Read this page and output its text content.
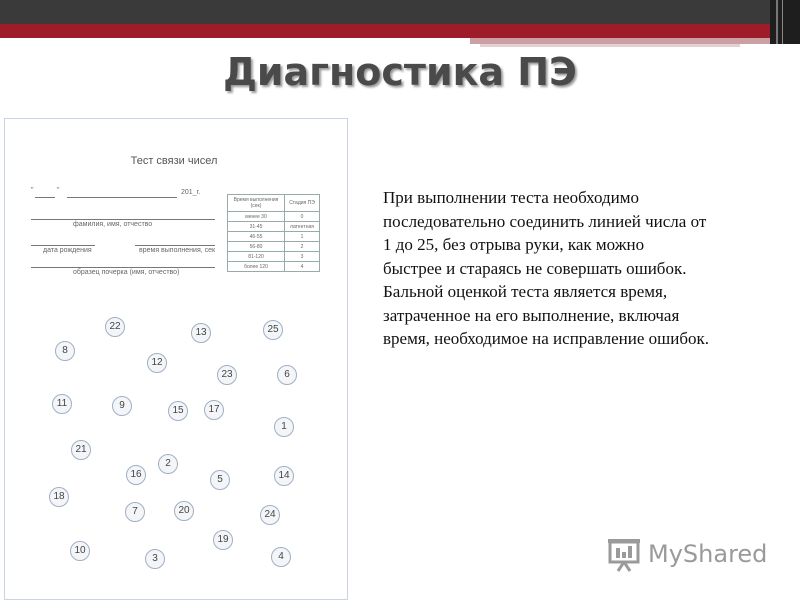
Диагностика ПЭ
Тест связи чисел
"	"	201_г.
фамилия, имя, отчество
дата рождения	время выполнения, сек
образец почерка (имя, отчество)
Время выполнения (сек)	Стадия ПЭ
менее 30	0
31-45	латентная
46-55	1
56-80	2
81-120	3
более 120	4
22
13	25
8
12
23	6
11	9	15	17
1
21
16
2
5	14
18
7	20	24
19
10
3	4
При выполнении теста необходимо
последовательно соединить линией числа от
1 до 25, без отрыва руки, как можно
быстрее и стараясь не совершать ошибок.
Бальной оценкой теста является время,
затраченное на его выполнение, включая
время, необходимое на исправление ошибок.
MyShared
